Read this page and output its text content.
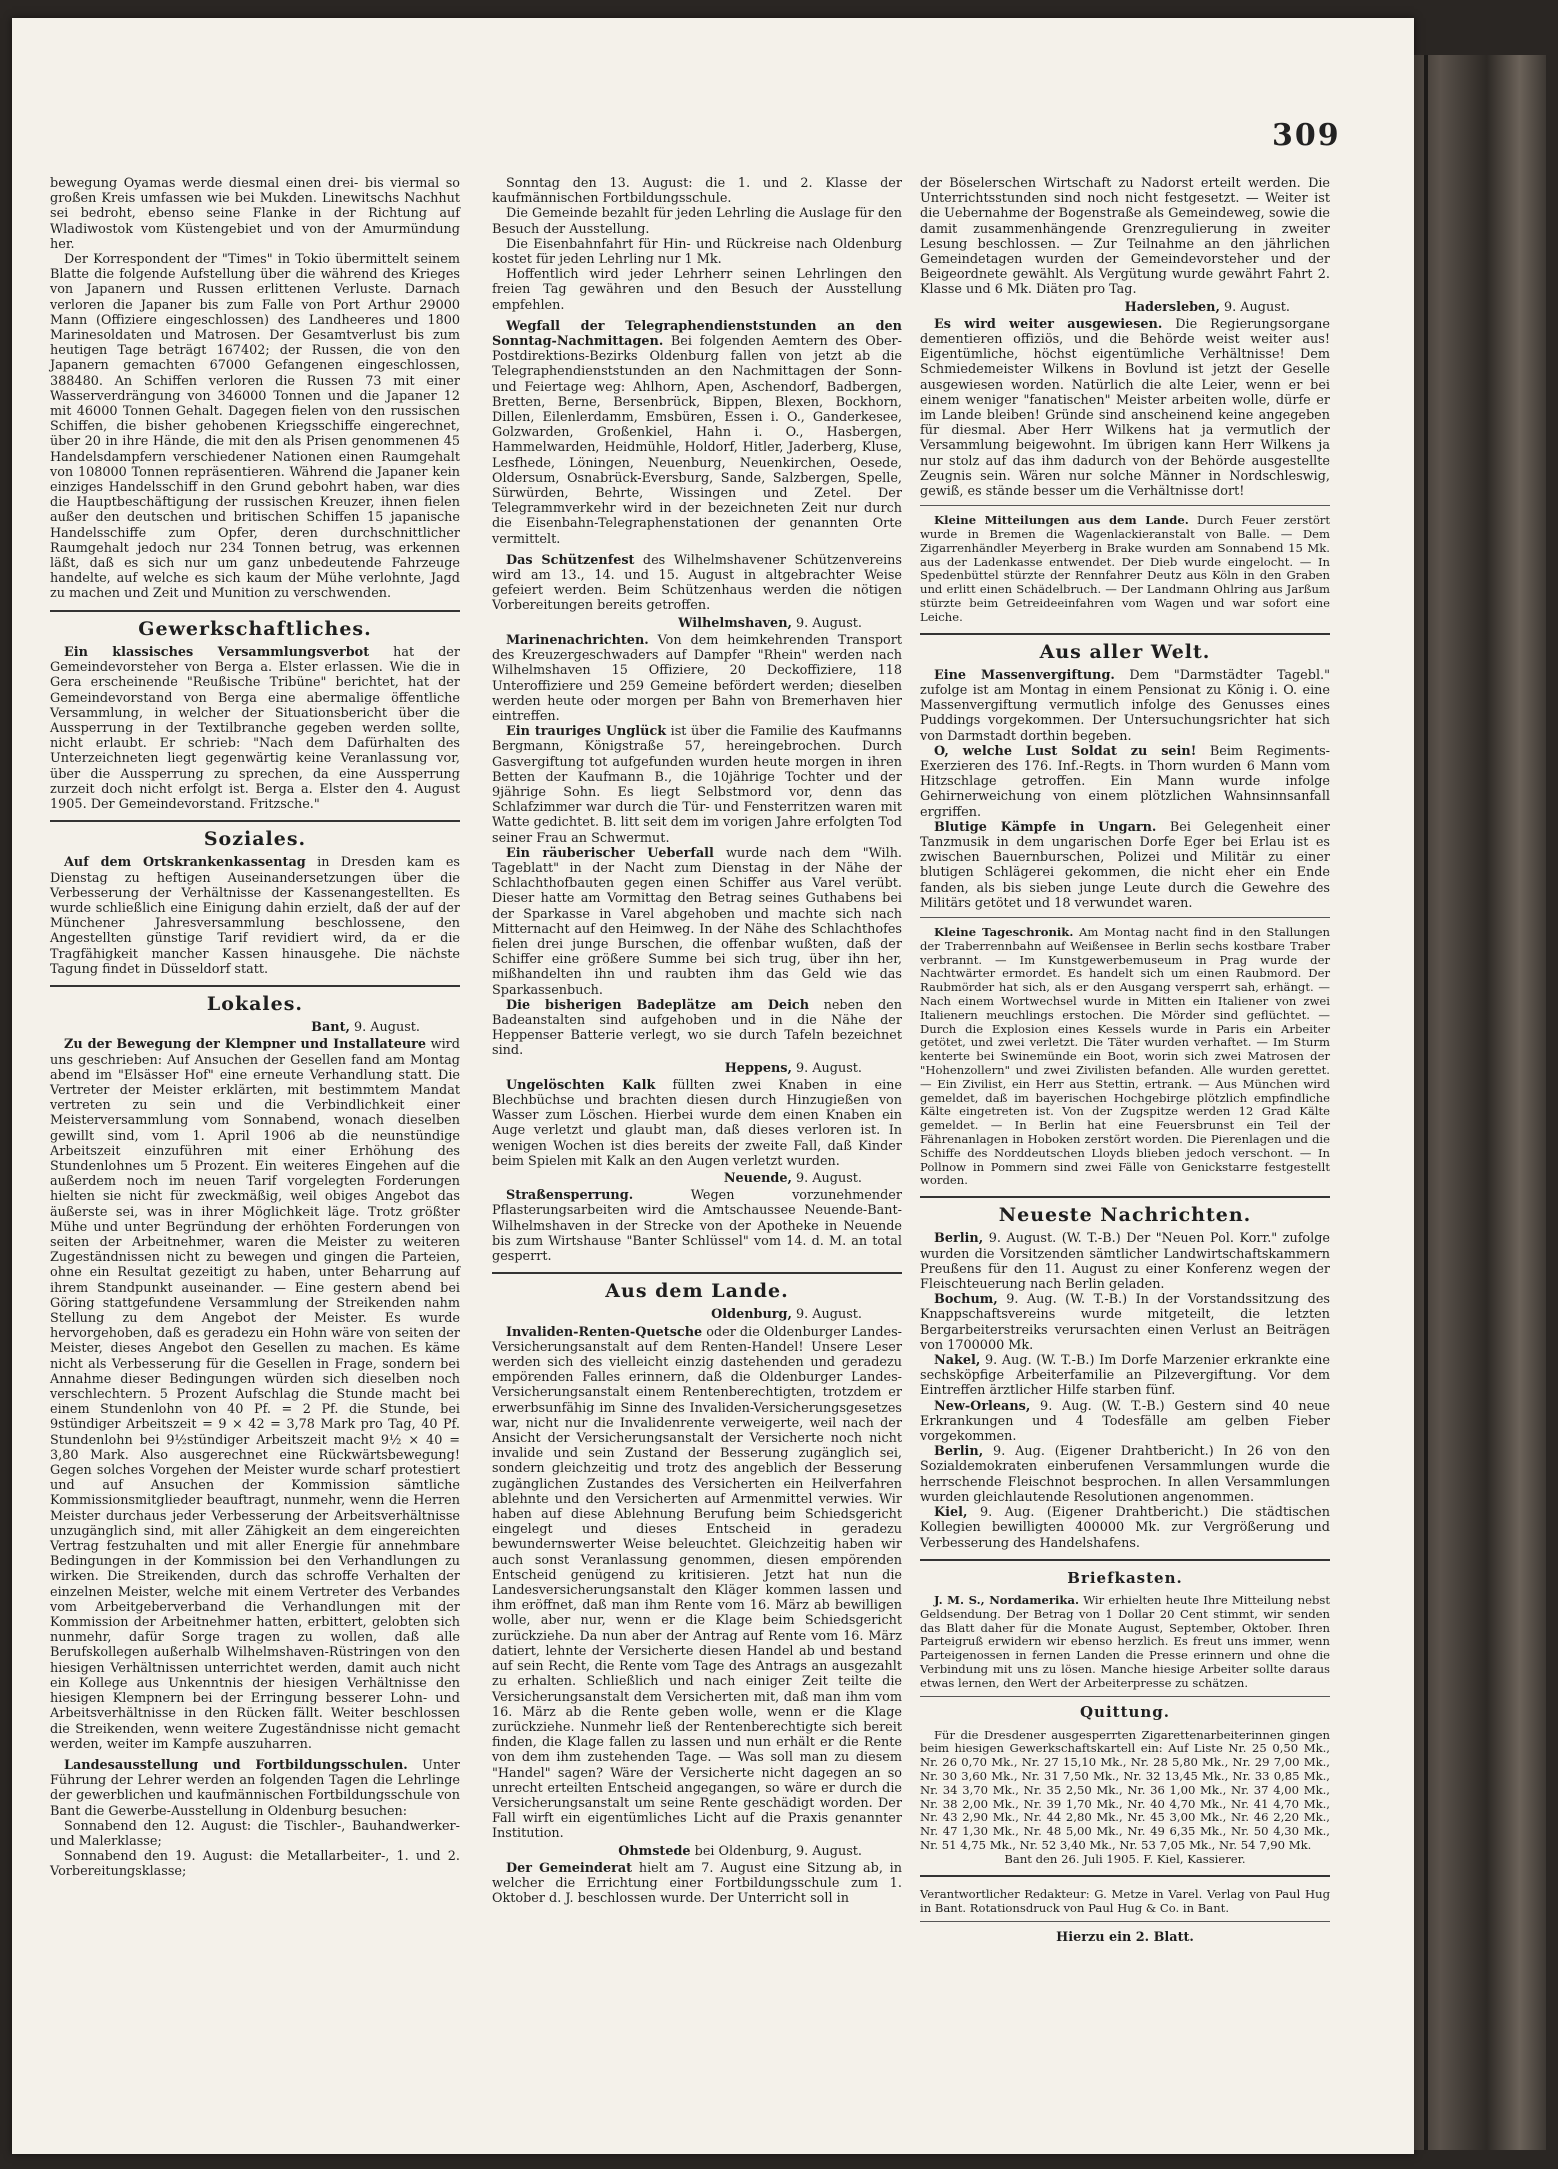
309

bewegung Oyamas werde diesmal einen drei- bis viermal so großen Kreis umfassen wie bei Mukden. Linewitschs Nachhut sei bedroht, ebenso seine Flanke in der Richtung auf Wladiwostok vom Küstengebiet und von der Amurmündung her.

Der Korrespondent der "Times" in Tokio übermittelt seinem Blatte die folgende Aufstellung über die während des Krieges von Japanern und Russen erlittenen Verluste. Darnach verloren die Japaner bis zum Falle von Port Arthur 29000 Mann (Offiziere eingeschlossen) des Landheeres und 1800 Marinesoldaten und Matrosen. Der Gesamtverlust bis zum heutigen Tage beträgt 167402; der Russen, die von den Japanern gemachten 67000 Gefangenen eingeschlossen, 388480. An Schiffen verloren die Russen 73 mit einer Wasserverdrängung von 346000 Tonnen und die Japaner 12 mit 46000 Tonnen Gehalt. Dagegen fielen von den russischen Schiffen, die bisher gehobenen Kriegsschiffe eingerechnet, über 20 in ihre Hände, die mit den als Prisen genommenen 45 Handelsdampfern verschiedener Nationen einen Raumgehalt von 108000 Tonnen repräsentieren. Während die Japaner kein einziges Handelsschiff in den Grund gebohrt haben, war dies die Hauptbeschäftigung der russischen Kreuzer, ihnen fielen außer den deutschen und britischen Schiffen 15 japanische Handelsschiffe zum Opfer, deren durchschnittlicher Raumgehalt jedoch nur 234 Tonnen betrug, was erkennen läßt, daß es sich nur um ganz unbedeutende Fahrzeuge handelte, auf welche es sich kaum der Mühe verlohnte, Jagd zu machen und Zeit und Munition zu verschwenden.

Gewerkschaftliches.

Ein klassisches Versammlungsverbot hat der Gemeindevorsteher von Berga a. Elster erlassen. Wie die in Gera erscheinende "Reußische Tribüne" berichtet, hat der Gemeindevorstand von Berga eine abermalige öffentliche Versammlung, in welcher der Situationsbericht über die Aussperrung in der Textilbranche gegeben werden sollte, nicht erlaubt. Er schrieb: "Nach dem Dafürhalten des Unterzeichneten liegt gegenwärtig keine Veranlassung vor, über die Aussperrung zu sprechen, da eine Aussperrung zurzeit doch nicht erfolgt ist. Berga a. Elster den 4. August 1905. Der Gemeindevorstand. Fritzsche."

Soziales.

Auf dem Ortskrankenkassentag in Dresden kam es Dienstag zu heftigen Auseinandersetzungen über die Verbesserung der Verhältnisse der Kassenangestellten. Es wurde schließlich eine Einigung dahin erzielt, daß der auf der Münchener Jahresversammlung beschlossene, den Angestellten günstige Tarif revidiert wird, da er die Tragfähigkeit mancher Kassen hinausgehe. Die nächste Tagung findet in Düsseldorf statt.

Lokales.
Bant, 9. August.

Zu der Bewegung der Klempner und Installateure wird uns geschrieben: Auf Ansuchen der Gesellen fand am Montag abend im "Elsässer Hof" eine erneute Verhandlung statt. Die Vertreter der Meister erklärten, mit bestimmtem Mandat vertreten zu sein und die Verbindlichkeit einer Meisterversammlung vom Sonnabend, wonach dieselben gewillt sind, vom 1. April 1906 ab die neunstündige Arbeitszeit einzuführen mit einer Erhöhung des Stundenlohnes um 5 Prozent. Ein weiteres Eingehen auf die außerdem noch im neuen Tarif vorgelegten Forderungen hielten sie nicht für zweckmäßig, weil obiges Angebot das äußerste sei, was in ihrer Möglichkeit läge. Trotz größter Mühe und unter Begründung der erhöhten Forderungen von seiten der Arbeitnehmer, waren die Meister zu weiteren Zugeständnissen nicht zu bewegen und gingen die Parteien, ohne ein Resultat gezeitigt zu haben, unter Beharrung auf ihrem Standpunkt auseinander. — Eine gestern abend bei Göring stattgefundene Versammlung der Streikenden nahm Stellung zu dem Angebot der Meister. Es wurde hervorgehoben, daß es geradezu ein Hohn wäre von seiten der Meister, dieses Angebot den Gesellen zu machen. Es käme nicht als Verbesserung für die Gesellen in Frage, sondern bei Annahme dieser Bedingungen würden sich dieselben noch verschlechtern. 5 Prozent Aufschlag die Stunde macht bei einem Stundenlohn von 40 Pf. = 2 Pf. die Stunde, bei 9stündiger Arbeitszeit = 9 × 42 = 3,78 Mark pro Tag, 40 Pf. Stundenlohn bei 9½stündiger Arbeitszeit macht 9½ × 40 = 3,80 Mark. Also ausgerechnet eine Rückwärtsbewegung! Gegen solches Vorgehen der Meister wurde scharf protestiert und auf Ansuchen der Kommission sämtliche Kommissionsmitglieder beauftragt, nunmehr, wenn die Herren Meister durchaus jeder Verbesserung der Arbeitsverhältnisse unzugänglich sind, mit aller Zähigkeit an dem eingereichten Vertrag festzuhalten und mit aller Energie für annehmbare Bedingungen in der Kommission bei den Verhandlungen zu wirken. Die Streikenden, durch das schroffe Verhalten der einzelnen Meister, welche mit einem Vertreter des Verbandes vom Arbeitgeberverband die Verhandlungen mit der Kommission der Arbeitnehmer hatten, erbittert, gelobten sich nunmehr, dafür Sorge tragen zu wollen, daß alle Berufskollegen außerhalb Wilhelmshaven-Rüstringen von den hiesigen Verhältnissen unterrichtet werden, damit auch nicht ein Kollege aus Unkenntnis der hiesigen Verhältnisse den hiesigen Klempnern bei der Erringung besserer Lohn- und Arbeitsverhältnisse in den Rücken fällt. Weiter beschlossen die Streikenden, wenn weitere Zugeständnisse nicht gemacht werden, weiter im Kampfe auszuharren.

Landesausstellung und Fortbildungsschulen. Unter Führung der Lehrer werden an folgenden Tagen die Lehrlinge der gewerblichen und kaufmännischen Fortbildungsschule von Bant die Gewerbe-Ausstellung in Oldenburg besuchen:

Sonnabend den 12. August: die Tischler-, Bauhandwerker- und Malerklasse;

Sonnabend den 19. August: die Metallarbeiter-, 1. und 2. Vorbereitungsklasse;

Sonntag den 13. August: die 1. und 2. Klasse der kaufmännischen Fortbildungsschule.

Die Gemeinde bezahlt für jeden Lehrling die Auslage für den Besuch der Ausstellung.

Die Eisenbahnfahrt für Hin- und Rückreise nach Oldenburg kostet für jeden Lehrling nur 1 Mk.

Hoffentlich wird jeder Lehrherr seinen Lehrlingen den freien Tag gewähren und den Besuch der Ausstellung empfehlen.

Wegfall der Telegraphendienststunden an den Sonntag-Nachmittagen. Bei folgenden Aemtern des Ober-Postdirektions-Bezirks Oldenburg fallen von jetzt ab die Telegraphendienststunden an den Nachmittagen der Sonn- und Feiertage weg: Ahlhorn, Apen, Aschendorf, Badbergen, Bretten, Berne, Bersenbrück, Bippen, Blexen, Bockhorn, Dillen, Eilenlerdamm, Emsbüren, Essen i. O., Ganderkesee, Golzwarden, Großenkiel, Hahn i. O., Hasbergen, Hammelwarden, Heidmühle, Holdorf, Hitler, Jaderberg, Kluse, Lesfhede, Löningen, Neuenburg, Neuenkirchen, Oesede, Oldersum, Osnabrück-Eversburg, Sande, Salzbergen, Spelle, Sürwürden, Behrte, Wissingen und Zetel. Der Telegrammverkehr wird in der bezeichneten Zeit nur durch die Eisenbahn-Telegraphenstationen der genannten Orte vermittelt.

Das Schützenfest des Wilhelmshavener Schützenvereins wird am 13., 14. und 15. August in altgebrachter Weise gefeiert werden. Beim Schützenhaus werden die nötigen Vorbereitungen bereits getroffen.

Wilhelmshaven, 9. August.

Marinenachrichten. Von dem heimkehrenden Transport des Kreuzergeschwaders auf Dampfer "Rhein" werden nach Wilhelmshaven 15 Offiziere, 20 Deckoffiziere, 118 Unteroffiziere und 259 Gemeine befördert werden; dieselben werden heute oder morgen per Bahn von Bremerhaven hier eintreffen.

Ein trauriges Unglück ist über die Familie des Kaufmanns Bergmann, Königstraße 57, hereingebrochen. Durch Gasvergiftung tot aufgefunden wurden heute morgen in ihren Betten der Kaufmann B., die 10jährige Tochter und der 9jährige Sohn. Es liegt Selbstmord vor, denn das Schlafzimmer war durch die Tür- und Fensterritzen waren mit Watte gedichtet. B. litt seit dem im vorigen Jahre erfolgten Tod seiner Frau an Schwermut.

Ein räuberischer Ueberfall wurde nach dem "Wilh. Tageblatt" in der Nacht zum Dienstag in der Nähe der Schlachthofbauten gegen einen Schiffer aus Varel verübt. Dieser hatte am Vormittag den Betrag seines Guthabens bei der Sparkasse in Varel abgehoben und machte sich nach Mitternacht auf den Heimweg. In der Nähe des Schlachthofes fielen drei junge Burschen, die offenbar wußten, daß der Schiffer eine größere Summe bei sich trug, über ihn her, mißhandelten ihn und raubten ihm das Geld wie das Sparkassenbuch.

Die bisherigen Badeplätze am Deich neben den Badeanstalten sind aufgehoben und in die Nähe der Heppenser Batterie verlegt, wo sie durch Tafeln bezeichnet sind.

Heppens, 9. August.

Ungelöschten Kalk füllten zwei Knaben in eine Blechbüchse und brachten diesen durch Hinzugießen von Wasser zum Löschen. Hierbei wurde dem einen Knaben ein Auge verletzt und glaubt man, daß dieses verloren ist. In wenigen Wochen ist dies bereits der zweite Fall, daß Kinder beim Spielen mit Kalk an den Augen verletzt wurden.

Neuende, 9. August.

Straßensperrung. Wegen vorzunehmender Pflasterungsarbeiten wird die Amtschaussee Neuende-Bant-Wilhelmshaven in der Strecke von der Apotheke in Neuende bis zum Wirtshause "Banter Schlüssel" vom 14. d. M. an total gesperrt.

Aus dem Lande.
Oldenburg, 9. August.

Invaliden-Renten-Quetsche oder die Oldenburger Landes-Versicherungsanstalt auf dem Renten-Handel! Unsere Leser werden sich des vielleicht einzig dastehenden und geradezu empörenden Falles erinnern, daß die Oldenburger Landes-Versicherungsanstalt einem Rentenberechtigten, trotzdem er erwerbsunfähig im Sinne des Invaliden-Versicherungsgesetzes war, nicht nur die Invalidenrente verweigerte, weil nach der Ansicht der Versicherungsanstalt der Versicherte noch nicht invalide und sein Zustand der Besserung zugänglich sei, sondern gleichzeitig und trotz des angeblich der Besserung zugänglichen Zustandes des Versicherten ein Heilverfahren ablehnte und den Versicherten auf Armenmittel verwies. Wir haben auf diese Ablehnung Berufung beim Schiedsgericht eingelegt und dieses Entscheid in geradezu bewundernswerter Weise beleuchtet. Gleichzeitig haben wir auch sonst Veranlassung genommen, diesen empörenden Entscheid genügend zu kritisieren. Jetzt hat nun die Landesversicherungsanstalt den Kläger kommen lassen und ihm eröffnet, daß man ihm Rente vom 16. März ab bewilligen wolle, aber nur, wenn er die Klage beim Schiedsgericht zurückziehe. Da nun aber der Antrag auf Rente vom 16. März datiert, lehnte der Versicherte diesen Handel ab und bestand auf sein Recht, die Rente vom Tage des Antrags an ausgezahlt zu erhalten. Schließlich und nach einiger Zeit teilte die Versicherungsanstalt dem Versicherten mit, daß man ihm vom 16. März ab die Rente geben wolle, wenn er die Klage zurückziehe. Nunmehr ließ der Rentenberechtigte sich bereit finden, die Klage fallen zu lassen und nun erhält er die Rente von dem ihm zustehenden Tage. — Was soll man zu diesem "Handel" sagen? Wäre der Versicherte nicht dagegen an so unrecht erteilten Entscheid angegangen, so wäre er durch die Versicherungsanstalt um seine Rente geschädigt worden. Der Fall wirft ein eigentümliches Licht auf die Praxis genannter Institution.

Ohmstede bei Oldenburg, 9. August.

Der Gemeinderat hielt am 7. August eine Sitzung ab, in welcher die Errichtung einer Fortbildungsschule zum 1. Oktober d. J. beschlossen wurde. Der Unterricht soll in

der Böselerschen Wirtschaft zu Nadorst erteilt werden. Die Unterrichtsstunden sind noch nicht festgesetzt. — Weiter ist die Uebernahme der Bogenstraße als Gemeindeweg, sowie die damit zusammenhängende Grenzregulierung in zweiter Lesung beschlossen. — Zur Teilnahme an den jährlichen Gemeindetagen wurden der Gemeindevorsteher und der Beigeordnete gewählt. Als Vergütung wurde gewährt Fahrt 2. Klasse und 6 Mk. Diäten pro Tag.

Hadersleben, 9. August.

Es wird weiter ausgewiesen. Die Regierungsorgane dementieren offiziös, und die Behörde weist weiter aus! Eigentümliche, höchst eigentümliche Verhältnisse! Dem Schmiedemeister Wilkens in Bovlund ist jetzt der Geselle ausgewiesen worden. Natürlich die alte Leier, wenn er bei einem weniger "fanatischen" Meister arbeiten wolle, dürfe er im Lande bleiben! Gründe sind anscheinend keine angegeben für diesmal. Aber Herr Wilkens hat ja vermutlich der Versammlung beigewohnt. Im übrigen kann Herr Wilkens ja nur stolz auf das ihm dadurch von der Behörde ausgestellte Zeugnis sein. Wären nur solche Männer in Nordschleswig, gewiß, es stände besser um die Verhältnisse dort!

Kleine Mitteilungen aus dem Lande. Durch Feuer zerstört wurde in Bremen die Wagenlackieranstalt von Balle. — Dem Zigarrenhändler Meyerberg in Brake wurden am Sonnabend 15 Mk. aus der Ladenkasse entwendet. Der Dieb wurde eingelocht. — In Spedenbüttel stürzte der Rennfahrer Deutz aus Köln in den Graben und erlitt einen Schädelbruch. — Der Landmann Ohlring aus Jarßum stürzte beim Getreideeinfahren vom Wagen und war sofort eine Leiche.

Aus aller Welt.

Eine Massenvergiftung. Dem "Darmstädter Tagebl." zufolge ist am Montag in einem Pensionat zu König i. O. eine Massenvergiftung vermutlich infolge des Genusses eines Puddings vorgekommen. Der Untersuchungsrichter hat sich von Darmstadt dorthin begeben.

O, welche Lust Soldat zu sein! Beim Regiments-Exerzieren des 176. Inf.-Regts. in Thorn wurden 6 Mann vom Hitzschlage getroffen. Ein Mann wurde infolge Gehirnerweichung von einem plötzlichen Wahnsinnsanfall ergriffen.

Blutige Kämpfe in Ungarn. Bei Gelegenheit einer Tanzmusik in dem ungarischen Dorfe Eger bei Erlau ist es zwischen Bauernburschen, Polizei und Militär zu einer blutigen Schlägerei gekommen, die nicht eher ein Ende fanden, als bis sieben junge Leute durch die Gewehre des Militärs getötet und 18 verwundet waren.

Kleine Tageschronik. Am Montag nacht find in den Stallungen der Traberrennbahn auf Weißensee in Berlin sechs kostbare Traber verbrannt. — Im Kunstgewerbemuseum in Prag wurde der Nachtwärter ermordet. Es handelt sich um einen Raubmord. Der Raubmörder hat sich, als er den Ausgang versperrt sah, erhängt. — Nach einem Wortwechsel wurde in Mitten ein Italiener von zwei Italienern meuchlings erstochen. Die Mörder sind geflüchtet. — Durch die Explosion eines Kessels wurde in Paris ein Arbeiter getötet, und zwei verletzt. Die Täter wurden verhaftet. — Im Sturm kenterte bei Swinemünde ein Boot, worin sich zwei Matrosen der "Hohenzollern" und zwei Zivilisten befanden. Alle wurden gerettet. — Ein Zivilist, ein Herr aus Stettin, ertrank. — Aus München wird gemeldet, daß im bayerischen Hochgebirge plötzlich empfindliche Kälte eingetreten ist. Von der Zugspitze werden 12 Grad Kälte gemeldet. — In Berlin hat eine Feuersbrunst ein Teil der Fährenanlagen in Hoboken zerstört worden. Die Pierenlagen und die Schiffe des Norddeutschen Lloyds blieben jedoch verschont. — In Pollnow in Pommern sind zwei Fälle von Genickstarre festgestellt worden.

Neueste Nachrichten.

Berlin, 9. August. (W. T.-B.) Der "Neuen Pol. Korr." zufolge wurden die Vorsitzenden sämtlicher Landwirtschaftskammern Preußens für den 11. August zu einer Konferenz wegen der Fleischteuerung nach Berlin geladen.

Bochum, 9. Aug. (W. T.-B.) In der Vorstandssitzung des Knappschaftsvereins wurde mitgeteilt, die letzten Bergarbeiterstreiks verursachten einen Verlust an Beiträgen von 1700000 Mk.

Nakel, 9. Aug. (W. T.-B.) Im Dorfe Marzenier erkrankte eine sechsköpfige Arbeiterfamilie an Pilzevergiftung. Vor dem Eintreffen ärztlicher Hilfe starben fünf.

New-Orleans, 9. Aug. (W. T.-B.) Gestern sind 40 neue Erkrankungen und 4 Todesfälle am gelben Fieber vorgekommen.

Berlin, 9. Aug. (Eigener Drahtbericht.) In 26 von den Sozialdemokraten einberufenen Versammlungen wurde die herrschende Fleischnot besprochen. In allen Versammlungen wurden gleichlautende Resolutionen angenommen.

Kiel, 9. Aug. (Eigener Drahtbericht.) Die städtischen Kollegien bewilligten 400000 Mk. zur Vergrößerung und Verbesserung des Handelshafens.

Briefkasten.

J. M. S., Nordamerika. Wir erhielten heute Ihre Mitteilung nebst Geldsendung. Der Betrag von 1 Dollar 20 Cent stimmt, wir senden das Blatt daher für die Monate August, September, Oktober. Ihren Parteigruß erwidern wir ebenso herzlich. Es freut uns immer, wenn Parteigenossen in fernen Landen die Presse erinnern und ohne die Verbindung mit uns zu lösen. Manche hiesige Arbeiter sollte daraus etwas lernen, den Wert der Arbeiterpresse zu schätzen.

Quittung.

Für die Dresdener ausgesperrten Zigarettenarbeiterinnen gingen beim hiesigen Gewerkschaftskartell ein: Auf Liste Nr. 25 0,50 Mk., Nr. 26 0,70 Mk., Nr. 27 15,10 Mk., Nr. 28 5,80 Mk., Nr. 29 7,00 Mk., Nr. 30 3,60 Mk., Nr. 31 7,50 Mk., Nr. 32 13,45 Mk., Nr. 33 0,85 Mk., Nr. 34 3,70 Mk., Nr. 35 2,50 Mk., Nr. 36 1,00 Mk., Nr. 37 4,00 Mk., Nr. 38 2,00 Mk., Nr. 39 1,70 Mk., Nr. 40 4,70 Mk., Nr. 41 4,70 Mk., Nr. 43 2,90 Mk., Nr. 44 2,80 Mk., Nr. 45 3,00 Mk., Nr. 46 2,20 Mk., Nr. 47 1,30 Mk., Nr. 48 5,00 Mk., Nr. 49 6,35 Mk., Nr. 50 4,30 Mk., Nr. 51 4,75 Mk., Nr. 52 3,40 Mk., Nr. 53 7,05 Mk., Nr. 54 7,90 Mk.

Bant den 26. Juli 1905. F. Kiel, Kassierer.

Verantwortlicher Redakteur: G. Metze in Varel. Verlag von Paul Hug in Bant. Rotationsdruck von Paul Hug & Co. in Bant.

Hierzu ein 2. Blatt.
